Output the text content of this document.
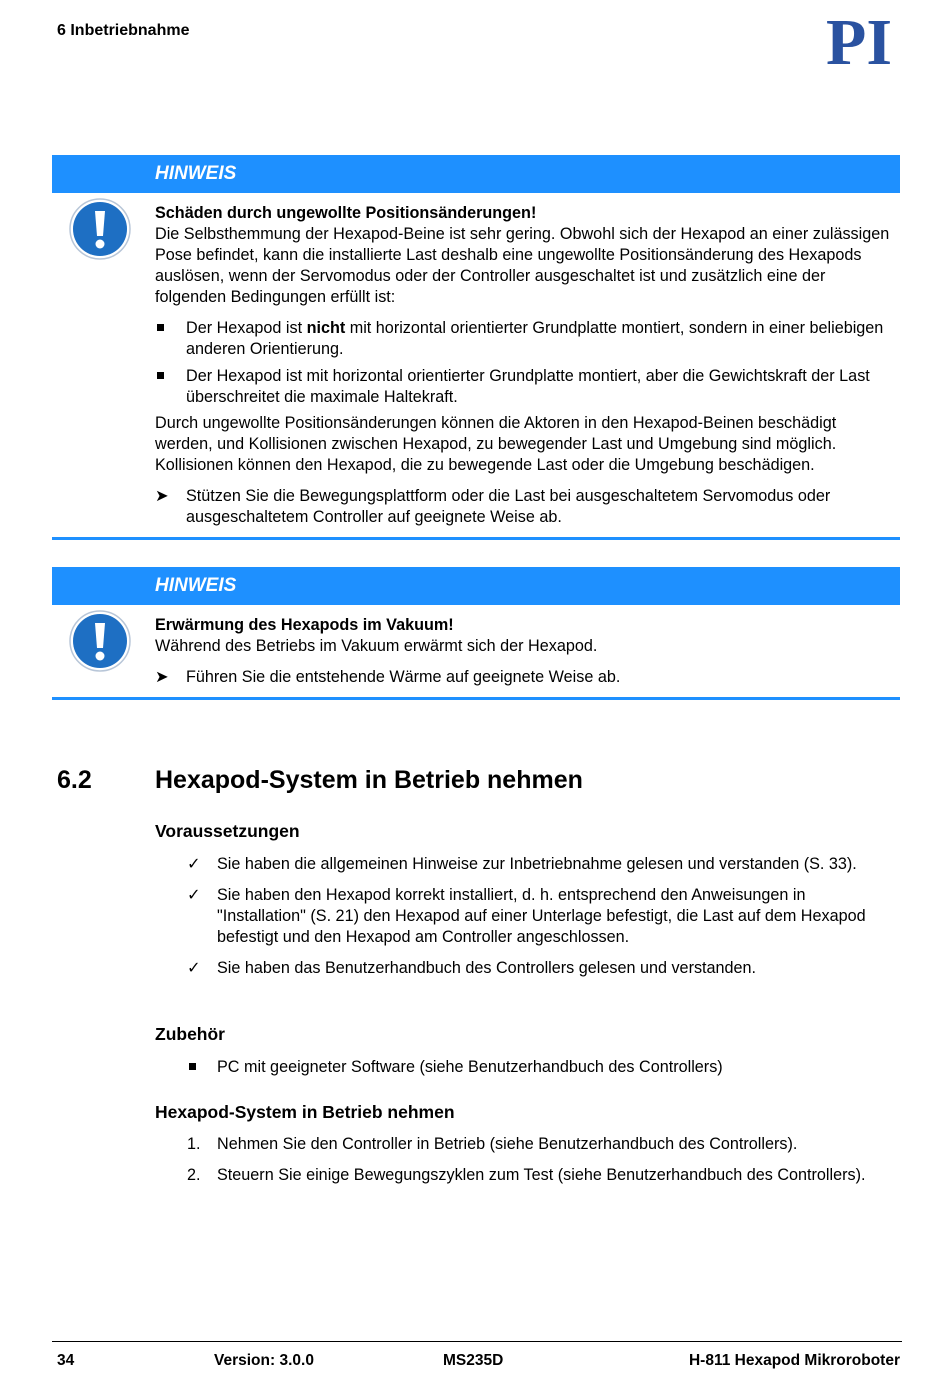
6 Inbetriebnahme	PI
HINWEIS

Schäden durch ungewollte Positionsänderungen!

Die Selbsthemmung der Hexapod-Beine ist sehr gering. Obwohl sich der Hexapod an einer zulässigen Pose befindet, kann die installierte Last deshalb eine ungewollte Positionsänderung des Hexapods auslösen, wenn der Servomodus oder der Controller ausgeschaltet ist und zusätzlich eine der folgenden Bedingungen erfüllt ist:

Der Hexapod ist nicht mit horizontal orientierter Grundplatte montiert, sondern in einer beliebigen anderen Orientierung.
Der Hexapod ist mit horizontal orientierter Grundplatte montiert, aber die Gewichtskraft der Last überschreitet die maximale Haltekraft.

Durch ungewollte Positionsänderungen können die Aktoren in den Hexapod-Beinen beschädigt werden, und Kollisionen zwischen Hexapod, zu bewegender Last und Umgebung sind möglich. Kollisionen können den Hexapod, die zu bewegende Last oder die Umgebung beschädigen.

➤ Stützen Sie die Bewegungsplattform oder die Last bei ausgeschaltetem Servomodus oder ausgeschaltetem Controller auf geeignete Weise ab.
HINWEIS

Erwärmung des Hexapods im Vakuum!

Während des Betriebs im Vakuum erwärmt sich der Hexapod.

➤ Führen Sie die entstehende Wärme auf geeignete Weise ab.
6.2	Hexapod-System in Betrieb nehmen
Voraussetzungen
✓ Sie haben die allgemeinen Hinweise zur Inbetriebnahme gelesen und verstanden (S. 33).
✓ Sie haben den Hexapod korrekt installiert, d. h. entsprechend den Anweisungen in "Installation" (S. 21) den Hexapod auf einer Unterlage befestigt, die Last auf dem Hexapod befestigt und den Hexapod am Controller angeschlossen.
✓ Sie haben das Benutzerhandbuch des Controllers gelesen und verstanden.
Zubehör
PC mit geeigneter Software (siehe Benutzerhandbuch des Controllers)
Hexapod-System in Betrieb nehmen
1. Nehmen Sie den Controller in Betrieb (siehe Benutzerhandbuch des Controllers).
2. Steuern Sie einige Bewegungszyklen zum Test (siehe Benutzerhandbuch des Controllers).
34	Version: 3.0.0	MS235D	H-811 Hexapod Mikroroboter
